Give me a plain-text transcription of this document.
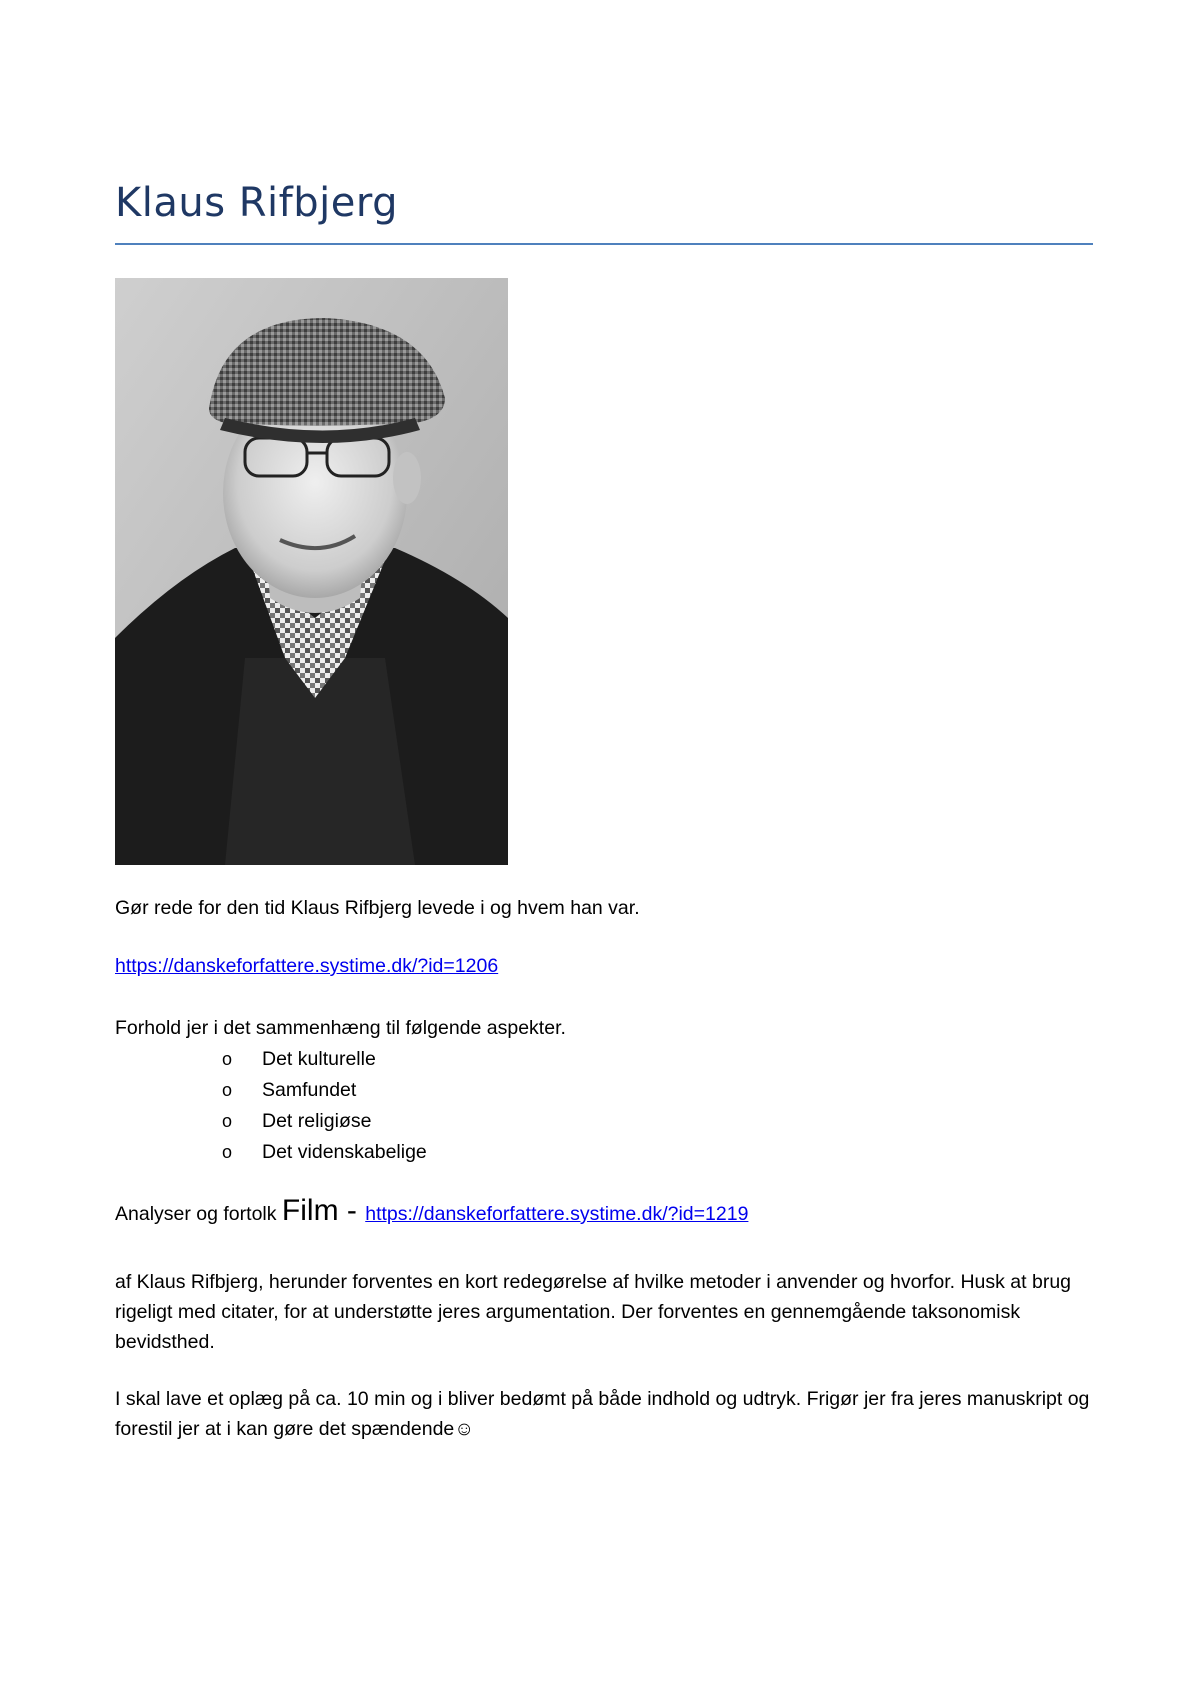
Klaus Rifbjerg

Gør rede for den tid Klaus Rifbjerg levede i og hvem han var.

https://danskeforfattere.systime.dk/?id=1206

Forhold jer i det sammenhæng til følgende aspekter.

o	Det kulturelle
o	Samfundet
o	Det religiøse
o	Det videnskabelige

Analyser og fortolk Film - https://danskeforfattere.systime.dk/?id=1219

af Klaus Rifbjerg, herunder forventes en kort redegørelse af hvilke metoder i anvender og hvorfor. Husk at brug rigeligt med citater, for at understøtte jeres argumentation. Der forventes en gennemgående taksonomisk bevidsthed.

I skal lave et oplæg på ca. 10 min og i bliver bedømt på både indhold og udtryk. Frigør jer fra jeres manuskript og forestil jer at i kan gøre det spændende☺
